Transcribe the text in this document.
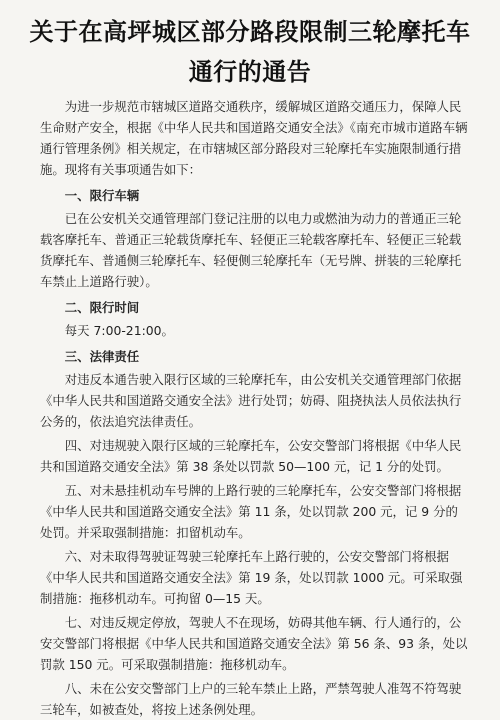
关于在高坪城区部分路段限制三轮摩托车
通行的通告

为进一步规范市辖城区道路交通秩序，缓解城区道路交通压力，保障人民生命财产安全，根据《中华人民共和国道路交通安全法》《南充市城市道路车辆通行管理条例》相关规定，在市辖城区部分路段对三轮摩托车实施限制通行措施。现将有关事项通告如下：

一、限行车辆

已在公安机关交通管理部门登记注册的以电力或燃油为动力的普通正三轮载客摩托车、普通正三轮载货摩托车、轻便正三轮载客摩托车、轻便正三轮载货摩托车、普通侧三轮摩托车、轻便侧三轮摩托车（无号牌、拼装的三轮摩托车禁止上道路行驶）。

二、限行时间

每天 7:00-21:00。

三、法律责任

对违反本通告驶入限行区域的三轮摩托车，由公安机关交通管理部门依据《中华人民共和国道路交通安全法》进行处罚；妨碍、阻挠执法人员依法执行公务的，依法追究法律责任。

四、对违规驶入限行区域的三轮摩托车，公安交警部门将根据《中华人民共和国道路交通安全法》第 38 条处以罚款 50—100 元，记 1 分的处罚。

五、对未悬挂机动车号牌的上路行驶的三轮摩托车，公安交警部门将根据《中华人民共和国道路交通安全法》第 11 条，处以罚款 200 元，记 9 分的处罚。并采取强制措施：扣留机动车。

六、对未取得驾驶证驾驶三轮摩托车上路行驶的，公安交警部门将根据《中华人民共和国道路交通安全法》第 19 条，处以罚款 1000 元。可采取强制措施：拖移机动车。可拘留 0—15 天。

七、对违反规定停放，驾驶人不在现场，妨碍其他车辆、行人通行的，公安交警部门将根据《中华人民共和国道路交通安全法》第 56 条、93 条，处以罚款 150 元。可采取强制措施：拖移机动车。

八、未在公安交警部门上户的三轮车禁止上路，严禁驾驶人准驾不符驾驶三轮车，如被查处，将按上述条例处理。
